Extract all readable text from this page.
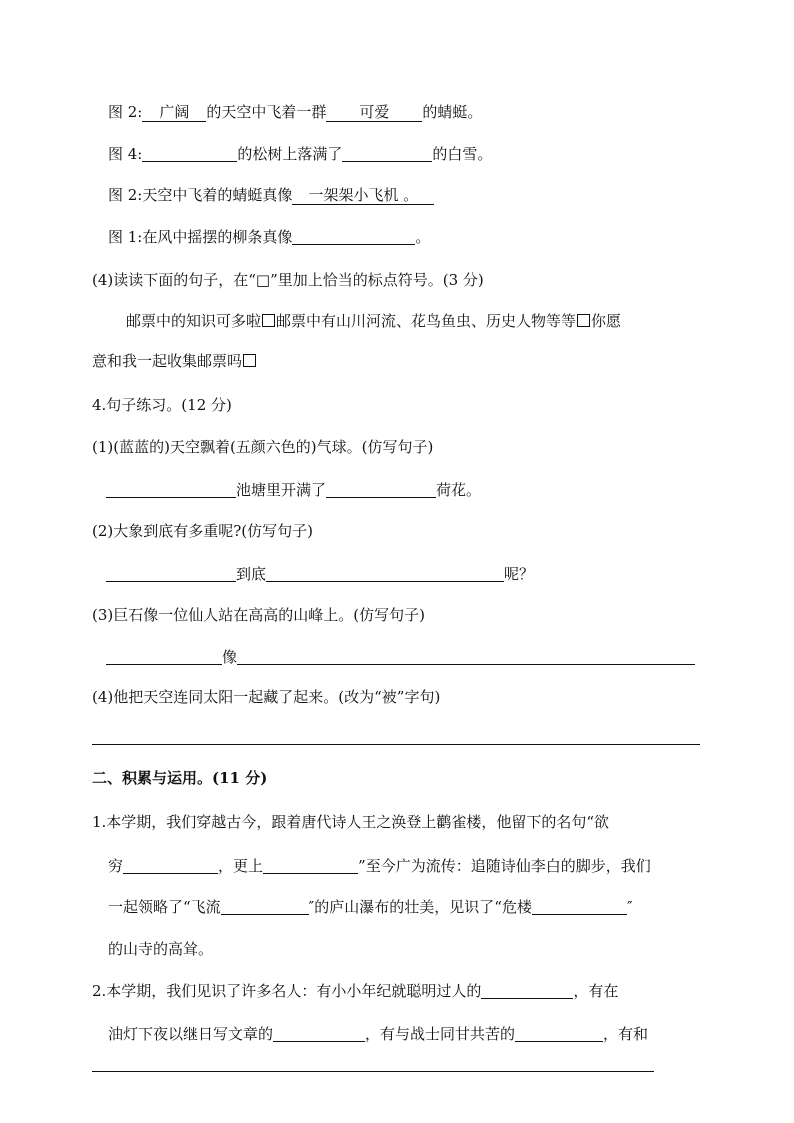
图 2: 广阔 的天空中飞着一群 可爱 的蜻蜓。
图 4:	的松树上落满了	的白雪。
图 2:天空中飞着的蜻蜓真像 一架架小飞机 。
图 1:在风中摇摆的柳条真像	。
(4)读读下面的句子，在“□”里加上恰当的标点符号。(3 分)
邮票中的知识可多啦 邮票中有山川河流、花鸟鱼虫、历史人物等等 你愿
意和我一起收集邮票吗
4.句子练习。(12 分)
(1)(蓝蓝的)天空飘着(五颜六色的)气球。(仿写句子)
池塘里开满了	荷花。
(2)大象到底有多重呢?(仿写句子)
到底	呢？
(3)巨石像一位仙人站在高高的山峰上。(仿写句子)
像
(4)他把天空连同太阳一起藏了起来。(改为“被”字句)
二、积累与运用。(11 分)
1.本学期，我们穿越古今，跟着唐代诗人王之涣登上鹳雀楼，他留下的名句“欲
穷	，更上	”至今广为流传：追随诗仙李白的脚步，我们
一起领略了“飞流	″的庐山瀑布的壮美，见识了“危楼	″
的山寺的高耸。
2.本学期，我们见识了许多名人：有小小年纪就聪明过人的	，有在
油灯下夜以继日写文章的	，有与战士同甘共苦的	，有和
